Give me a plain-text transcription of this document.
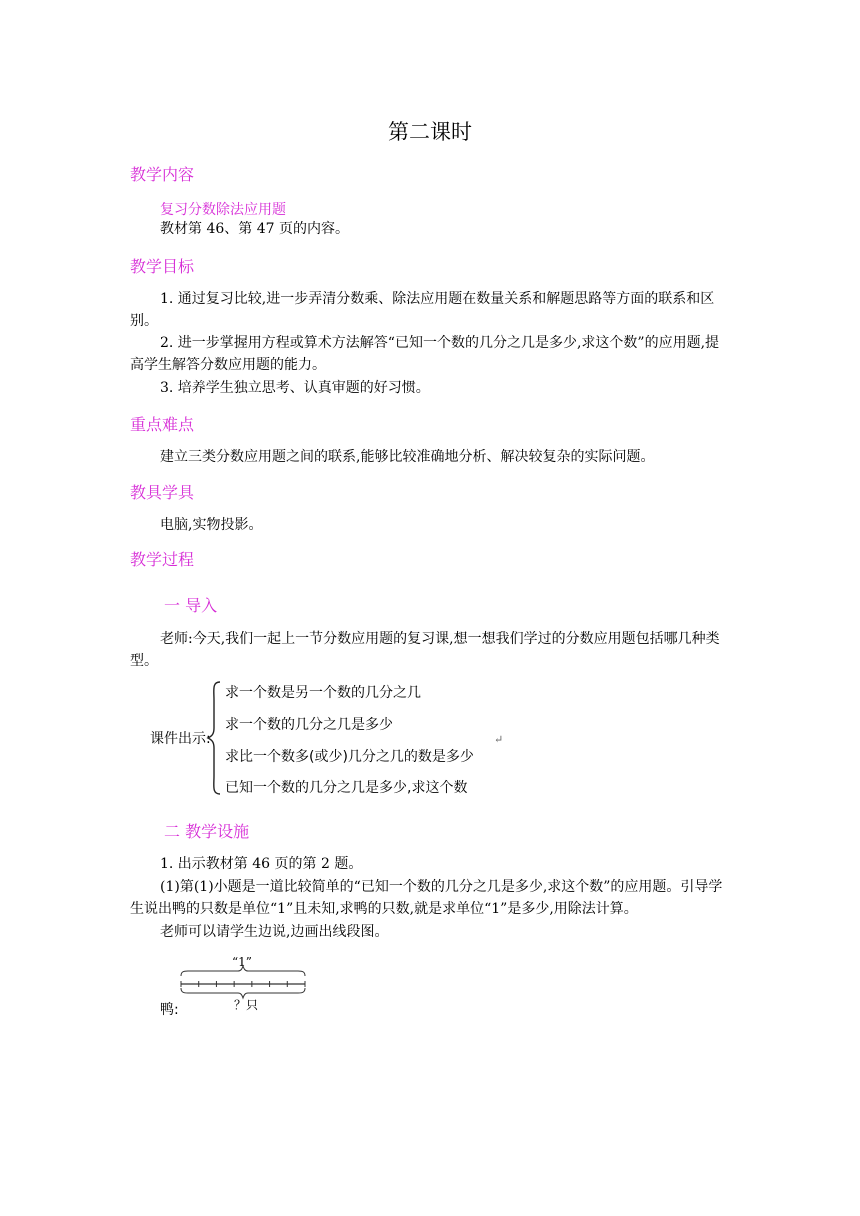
第二课时
教学内容
复习分数除法应用题
教材第 46、第 47 页的内容。
教学目标
1. 通过复习比较,进一步弄清分数乘、除法应用题在数量关系和解题思路等方面的联系和区别。
2. 进一步掌握用方程或算术方法解答“已知一个数的几分之几是多少,求这个数”的应用题,提高学生解答分数应用题的能力。
3. 培养学生独立思考、认真审题的好习惯。
重点难点
建立三类分数应用题之间的联系,能够比较准确地分析、解决较复杂的实际问题。
教具学具
电脑,实物投影。
教学过程
一 导入
老师:今天,我们一起上一节分数应用题的复习课,想一想我们学过的分数应用题包括哪几种类型。
课件出示:
求一个数是另一个数的几分之几
求一个数的几分之几是多少
求比一个数多(或少)几分之几的数是多少
↵
已知一个数的几分之几是多少,求这个数
二 教学设施
1. 出示教材第 46 页的第 2 题。
(1)第(1)小题是一道比较简单的“已知一个数的几分之几是多少,求这个数”的应用题。引导学生说出鸭的只数是单位“1”且未知,求鸭的只数,就是求单位“1”是多少,用除法计算。
老师可以请学生边说,边画出线段图。
“1”
？只
鸭:
